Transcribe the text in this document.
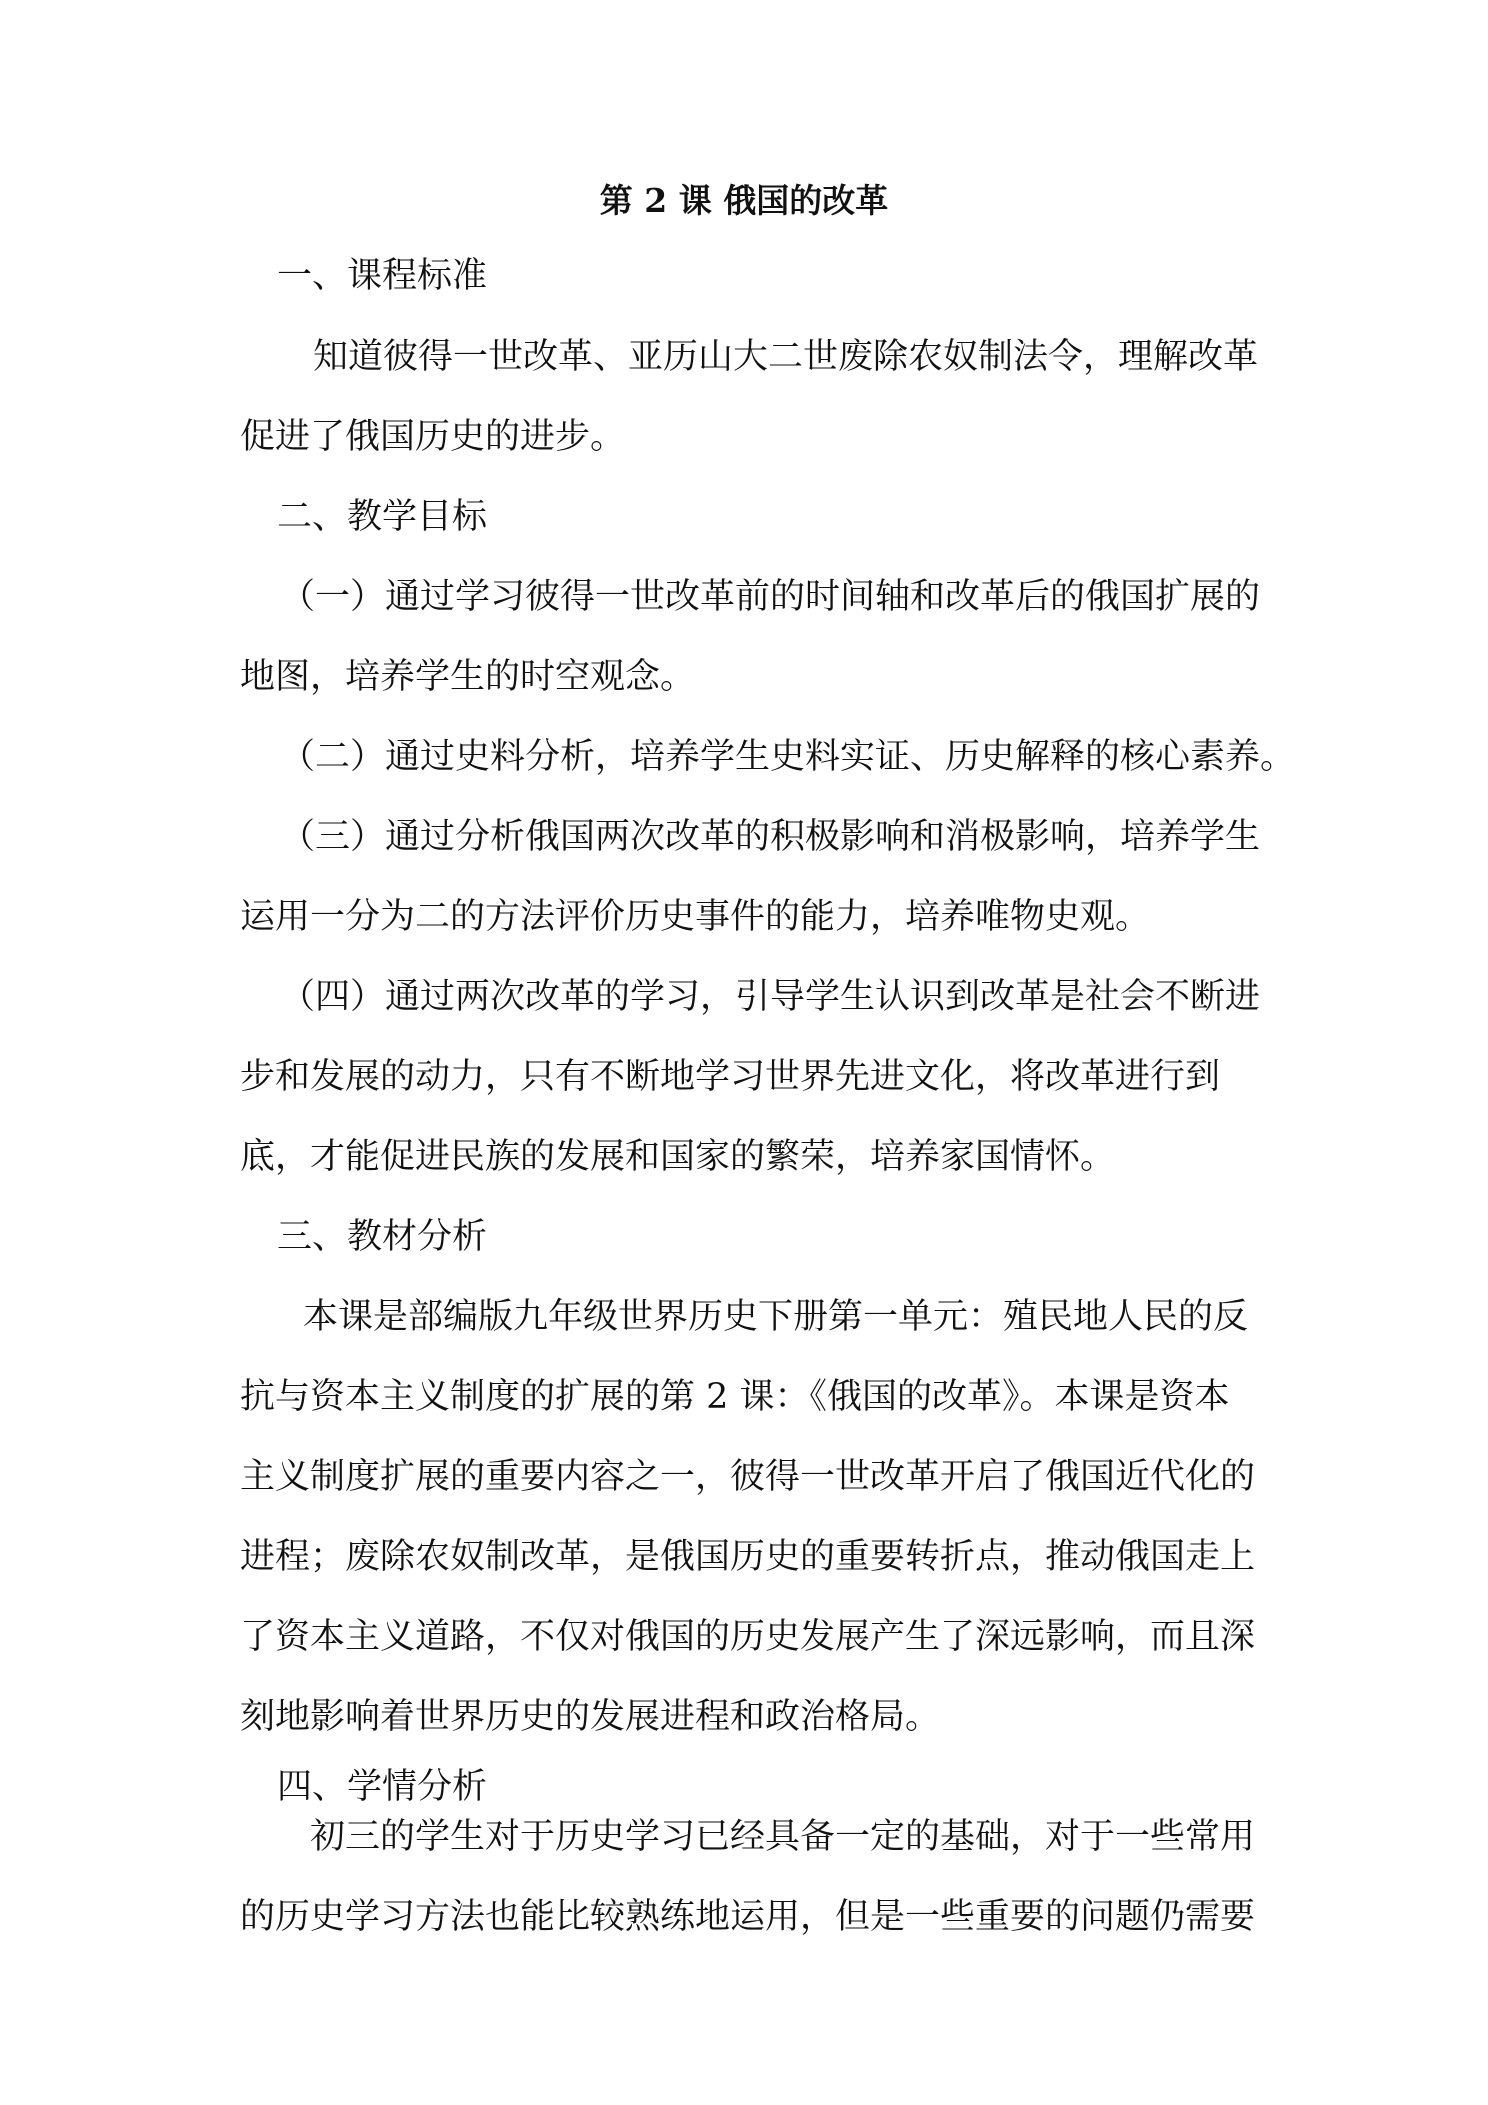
第 2 课 俄国的改革

一、课程标准

知道彼得一世改革、亚历山大二世废除农奴制法令，理解改革
促进了俄国历史的进步。

二、教学目标

（一）通过学习彼得一世改革前的时间轴和改革后的俄国扩展的
地图，培养学生的时空观念。
（二）通过史料分析，培养学生史料实证、历史解释的核心素养。
（三）通过分析俄国两次改革的积极影响和消极影响，培养学生
运用一分为二的方法评价历史事件的能力，培养唯物史观。
（四）通过两次改革的学习，引导学生认识到改革是社会不断进
步和发展的动力，只有不断地学习世界先进文化，将改革进行到
底，才能促进民族的发展和国家的繁荣，培养家国情怀。

三、教材分析

本课是部编版九年级世界历史下册第一单元：殖民地人民的反
抗与资本主义制度的扩展的第 2 课：《俄国的改革》。本课是资本
主义制度扩展的重要内容之一，彼得一世改革开启了俄国近代化的
进程；废除农奴制改革，是俄国历史的重要转折点，推动俄国走上
了资本主义道路，不仅对俄国的历史发展产生了深远影响，而且深
刻地影响着世界历史的发展进程和政治格局。

四、学情分析

初三的学生对于历史学习已经具备一定的基础，对于一些常用
的历史学习方法也能比较熟练地运用，但是一些重要的问题仍需要
